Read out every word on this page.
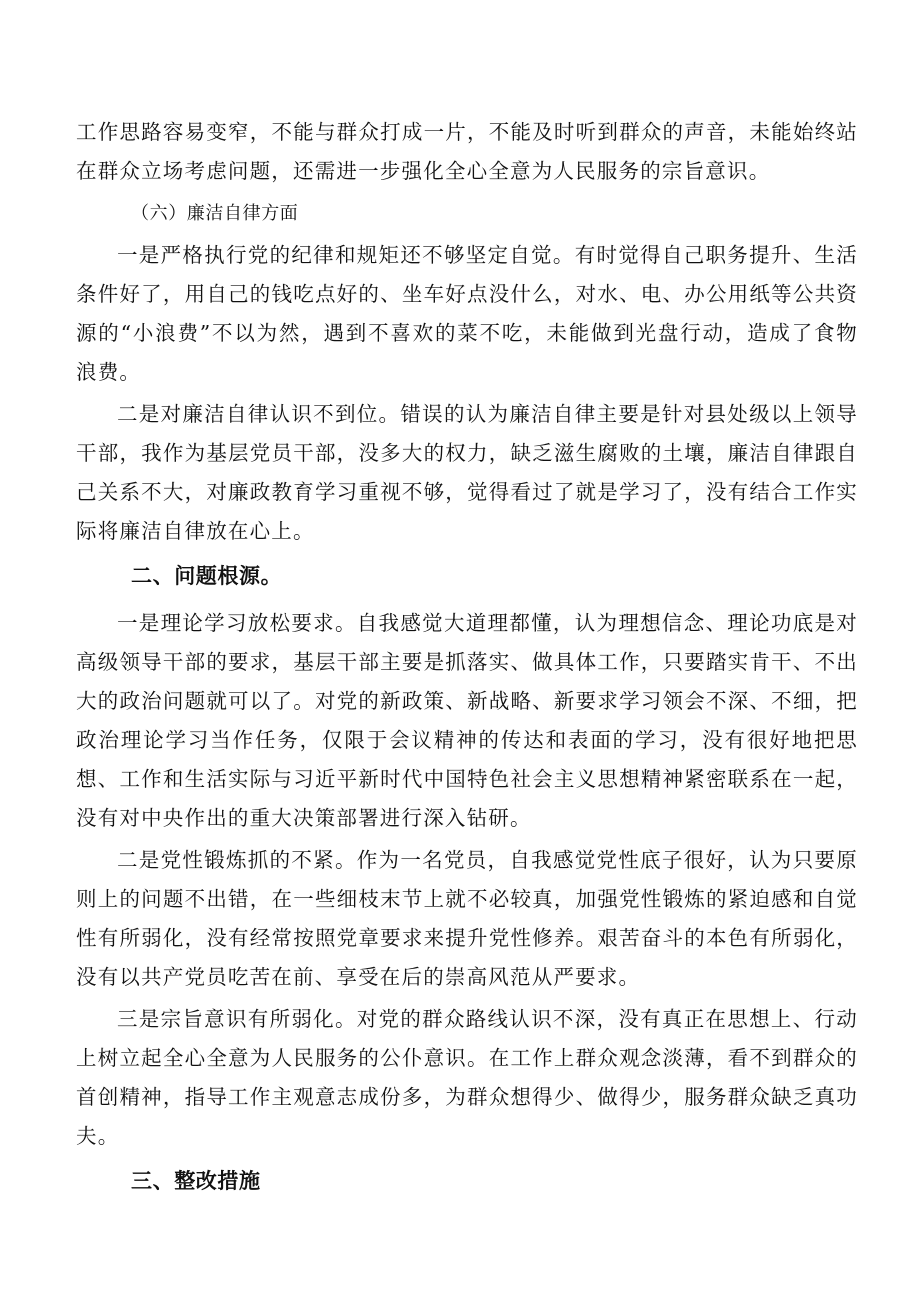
工作思路容易变窄，不能与群众打成一片，不能及时听到群众的声音，未能始终站在群众立场考虑问题，还需进一步强化全心全意为人民服务的宗旨意识。

（六）廉洁自律方面

一是严格执行党的纪律和规矩还不够坚定自觉。有时觉得自己职务提升、生活条件好了，用自己的钱吃点好的、坐车好点没什么，对水、电、办公用纸等公共资源的“小浪费”不以为然，遇到不喜欢的菜不吃，未能做到光盘行动，造成了食物浪费。

二是对廉洁自律认识不到位。错误的认为廉洁自律主要是针对县处级以上领导干部，我作为基层党员干部，没多大的权力，缺乏滋生腐败的土壤，廉洁自律跟自己关系不大，对廉政教育学习重视不够，觉得看过了就是学习了，没有结合工作实际将廉洁自律放在心上。

二、问题根源。

一是理论学习放松要求。自我感觉大道理都懂，认为理想信念、理论功底是对高级领导干部的要求，基层干部主要是抓落实、做具体工作，只要踏实肯干、不出大的政治问题就可以了。对党的新政策、新战略、新要求学习领会不深、不细，把政治理论学习当作任务，仅限于会议精神的传达和表面的学习，没有很好地把思想、工作和生活实际与习近平新时代中国特色社会主义思想精神紧密联系在一起，没有对中央作出的重大决策部署进行深入钻研。

二是党性锻炼抓的不紧。作为一名党员，自我感觉党性底子很好，认为只要原则上的问题不出错，在一些细枝末节上就不必较真，加强党性锻炼的紧迫感和自觉性有所弱化，没有经常按照党章要求来提升党性修养。艰苦奋斗的本色有所弱化，没有以共产党员吃苦在前、享受在后的崇高风范从严要求。

三是宗旨意识有所弱化。对党的群众路线认识不深，没有真正在思想上、行动上树立起全心全意为人民服务的公仆意识。在工作上群众观念淡薄，看不到群众的首创精神，指导工作主观意志成份多，为群众想得少、做得少，服务群众缺乏真功夫。

三、整改措施
